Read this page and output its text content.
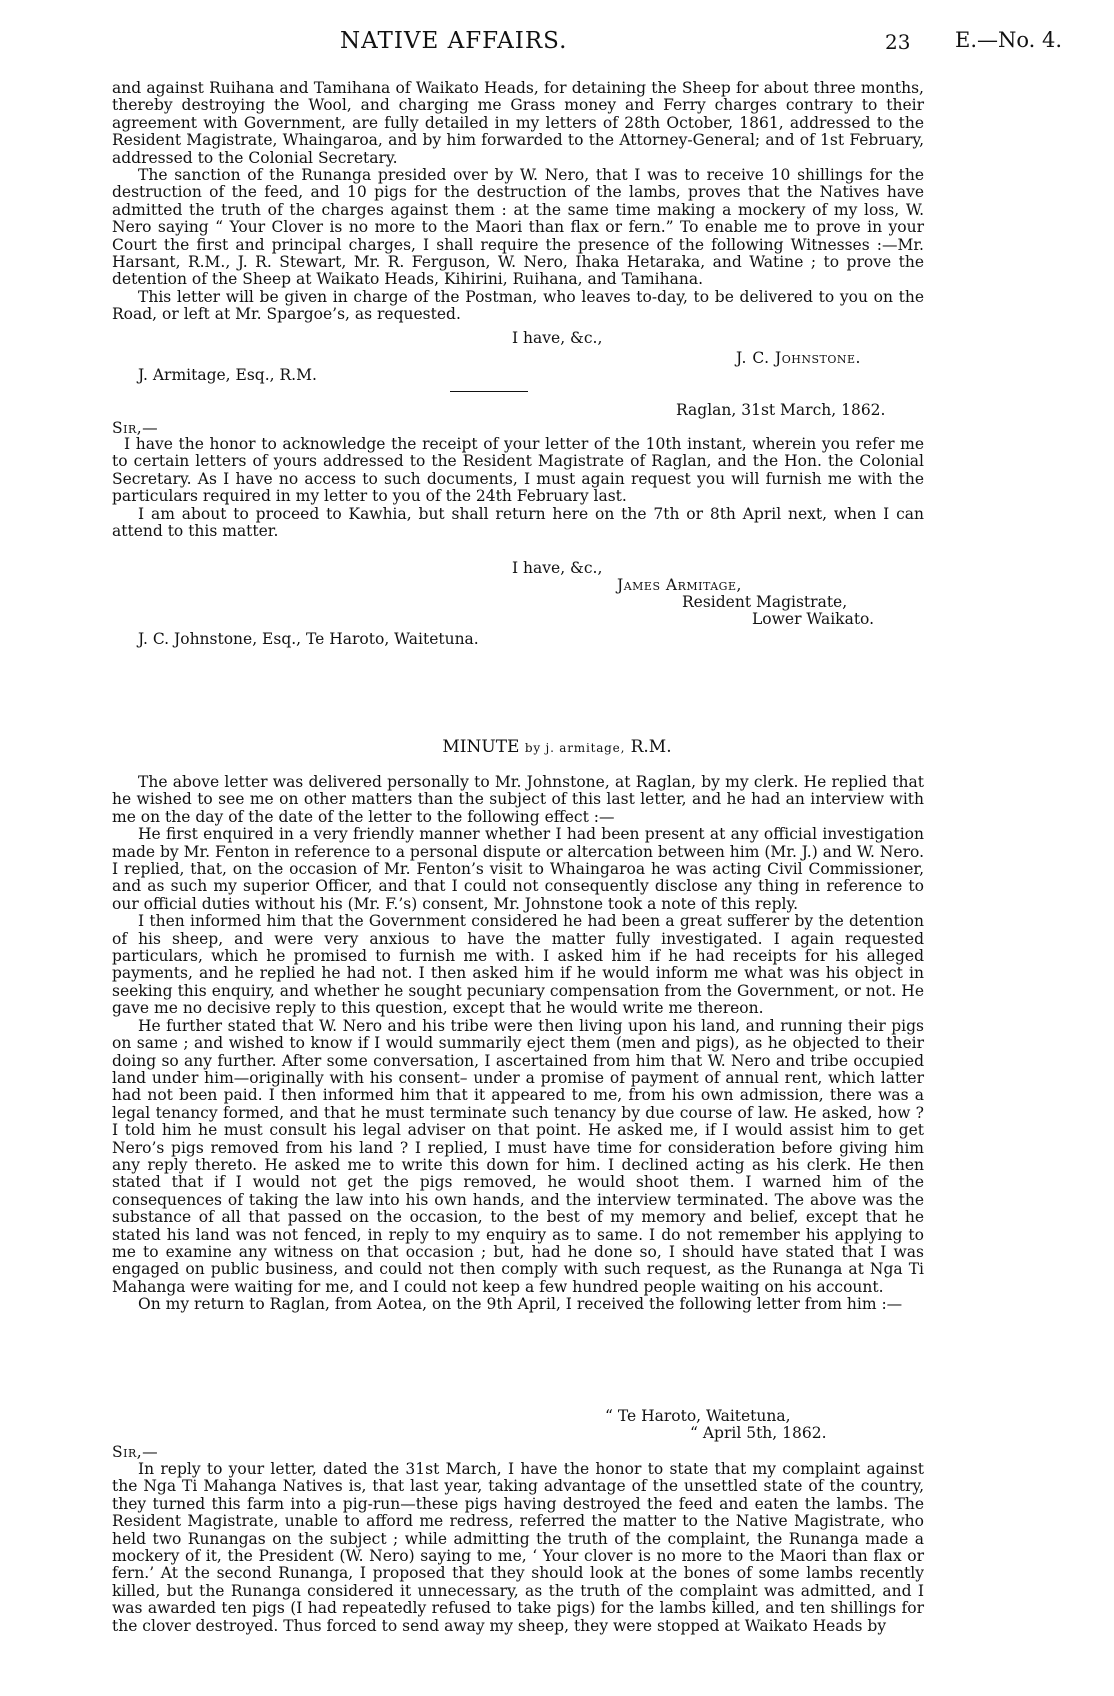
NATIVE AFFAIRS.	23 E.—No. 4.

and against Ruihana and Tamihana of Waikato Heads, for detaining the Sheep for about three months, thereby destroying the Wool, and charging me Grass money and Ferry charges contrary to their agreement with Government, are fully detailed in my letters of 28th October, 1861, addressed to the Resident Magistrate, Whaingaroa, and by him forwarded to the Attorney-General; and of 1st February, addressed to the Colonial Secretary.

The sanction of the Runanga presided over by W. Nero, that I was to receive 10 shillings for the destruction of the feed, and 10 pigs for the destruction of the lambs, proves that the Natives have admitted the truth of the charges against them : at the same time making a mockery of my loss, W. Nero saying “ Your Clover is no more to the Maori than flax or fern.” To enable me to prove in your Court the first and principal charges, I shall require the presence of the following Witnesses :—Mr. Harsant, R.M., J. R. Stewart, Mr. R. Ferguson, W. Nero, Ihaka Hetaraka, and Watine ; to prove the detention of the Sheep at Waikato Heads, Kihirini, Ruihana, and Tamihana.

This letter will be given in charge of the Postman, who leaves to-day, to be delivered to you on the Road, or left at Mr. Spargoe’s, as requested.

I have, &c.,
J. C. Johnstone.
J. Armitage, Esq., R.M.
Raglan, 31st March, 1862.
Sir,—

I have the honor to acknowledge the receipt of your letter of the 10th instant, wherein you refer me to certain letters of yours addressed to the Resident Magistrate of Raglan, and the Hon. the Colonial Secretary. As I have no access to such documents, I must again request you will furnish me with the particulars required in my letter to you of the 24th February last.

I am about to proceed to Kawhia, but shall return here on the 7th or 8th April next, when I can attend to this matter.

I have, &c.,
James Armitage,
Resident Magistrate,
Lower Waikato.
J. C. Johnstone, Esq., Te Haroto, Waitetuna.
MINUTE by j. armitage, R.M.

The above letter was delivered personally to Mr. Johnstone, at Raglan, by my clerk. He replied that he wished to see me on other matters than the subject of this last letter, and he had an interview with me on the day of the date of the letter to the following effect :—

He first enquired in a very friendly manner whether I had been present at any official investigation made by Mr. Fenton in reference to a personal dispute or altercation between him (Mr. J.) and W. Nero. I replied, that, on the occasion of Mr. Fenton’s visit to Whaingaroa he was acting Civil Commissioner, and as such my superior Officer, and that I could not consequently disclose any thing in reference to our official duties without his (Mr. F.’s) consent, Mr. Johnstone took a note of this reply.

I then informed him that the Government considered he had been a great sufferer by the detention of his sheep, and were very anxious to have the matter fully investigated. I again requested particulars, which he promised to furnish me with. I asked him if he had receipts for his alleged payments, and he replied he had not. I then asked him if he would inform me what was his object in seeking this enquiry, and whether he sought pecuniary compensation from the Government, or not. He gave me no decisive reply to this question, except that he would write me thereon.

He further stated that W. Nero and his tribe were then living upon his land, and running their pigs on same ; and wished to know if I would summarily eject them (men and pigs), as he objected to their doing so any further. After some conversation, I ascertained from him that W. Nero and tribe occupied land under him—originally with his consent– under a promise of payment of annual rent, which latter had not been paid. I then informed him that it appeared to me, from his own admission, there was a legal tenancy formed, and that he must terminate such tenancy by due course of law. He asked, how ? I told him he must consult his legal adviser on that point. He asked me, if I would assist him to get Nero’s pigs removed from his land ? I replied, I must have time for consideration before giving him any reply thereto. He asked me to write this down for him. I declined acting as his clerk. He then stated that if I would not get the pigs removed, he would shoot them. I warned him of the consequences of taking the law into his own hands, and the interview terminated. The above was the substance of all that passed on the occasion, to the best of my memory and belief, except that he stated his land was not fenced, in reply to my enquiry as to same. I do not remember his applying to me to examine any witness on that occasion ; but, had he done so, I should have stated that I was engaged on public business, and could not then comply with such request, as the Runanga at Nga Ti Mahanga were waiting for me, and I could not keep a few hundred people waiting on his account.

On my return to Raglan, from Aotea, on the 9th April, I received the following letter from him :—

“ Te Haroto, Waitetuna,
“ April 5th, 1862.
Sir,—

In reply to your letter, dated the 31st March, I have the honor to state that my complaint against the Nga Ti Mahanga Natives is, that last year, taking advantage of the unsettled state of the country, they turned this farm into a pig-run—these pigs having destroyed the feed and eaten the lambs. The Resident Magistrate, unable to afford me redress, referred the matter to the Native Magistrate, who held two Runangas on the subject ; while admitting the truth of the complaint, the Runanga made a mockery of it, the President (W. Nero) saying to me, ‘ Your clover is no more to the Maori than flax or fern.’ At the second Runanga, I proposed that they should look at the bones of some lambs recently killed, but the Runanga considered it unnecessary, as the truth of the complaint was admitted, and I was awarded ten pigs (I had repeatedly refused to take pigs) for the lambs killed, and ten shillings for the clover destroyed. Thus forced to send away my sheep, they were stopped at Waikato Heads by
